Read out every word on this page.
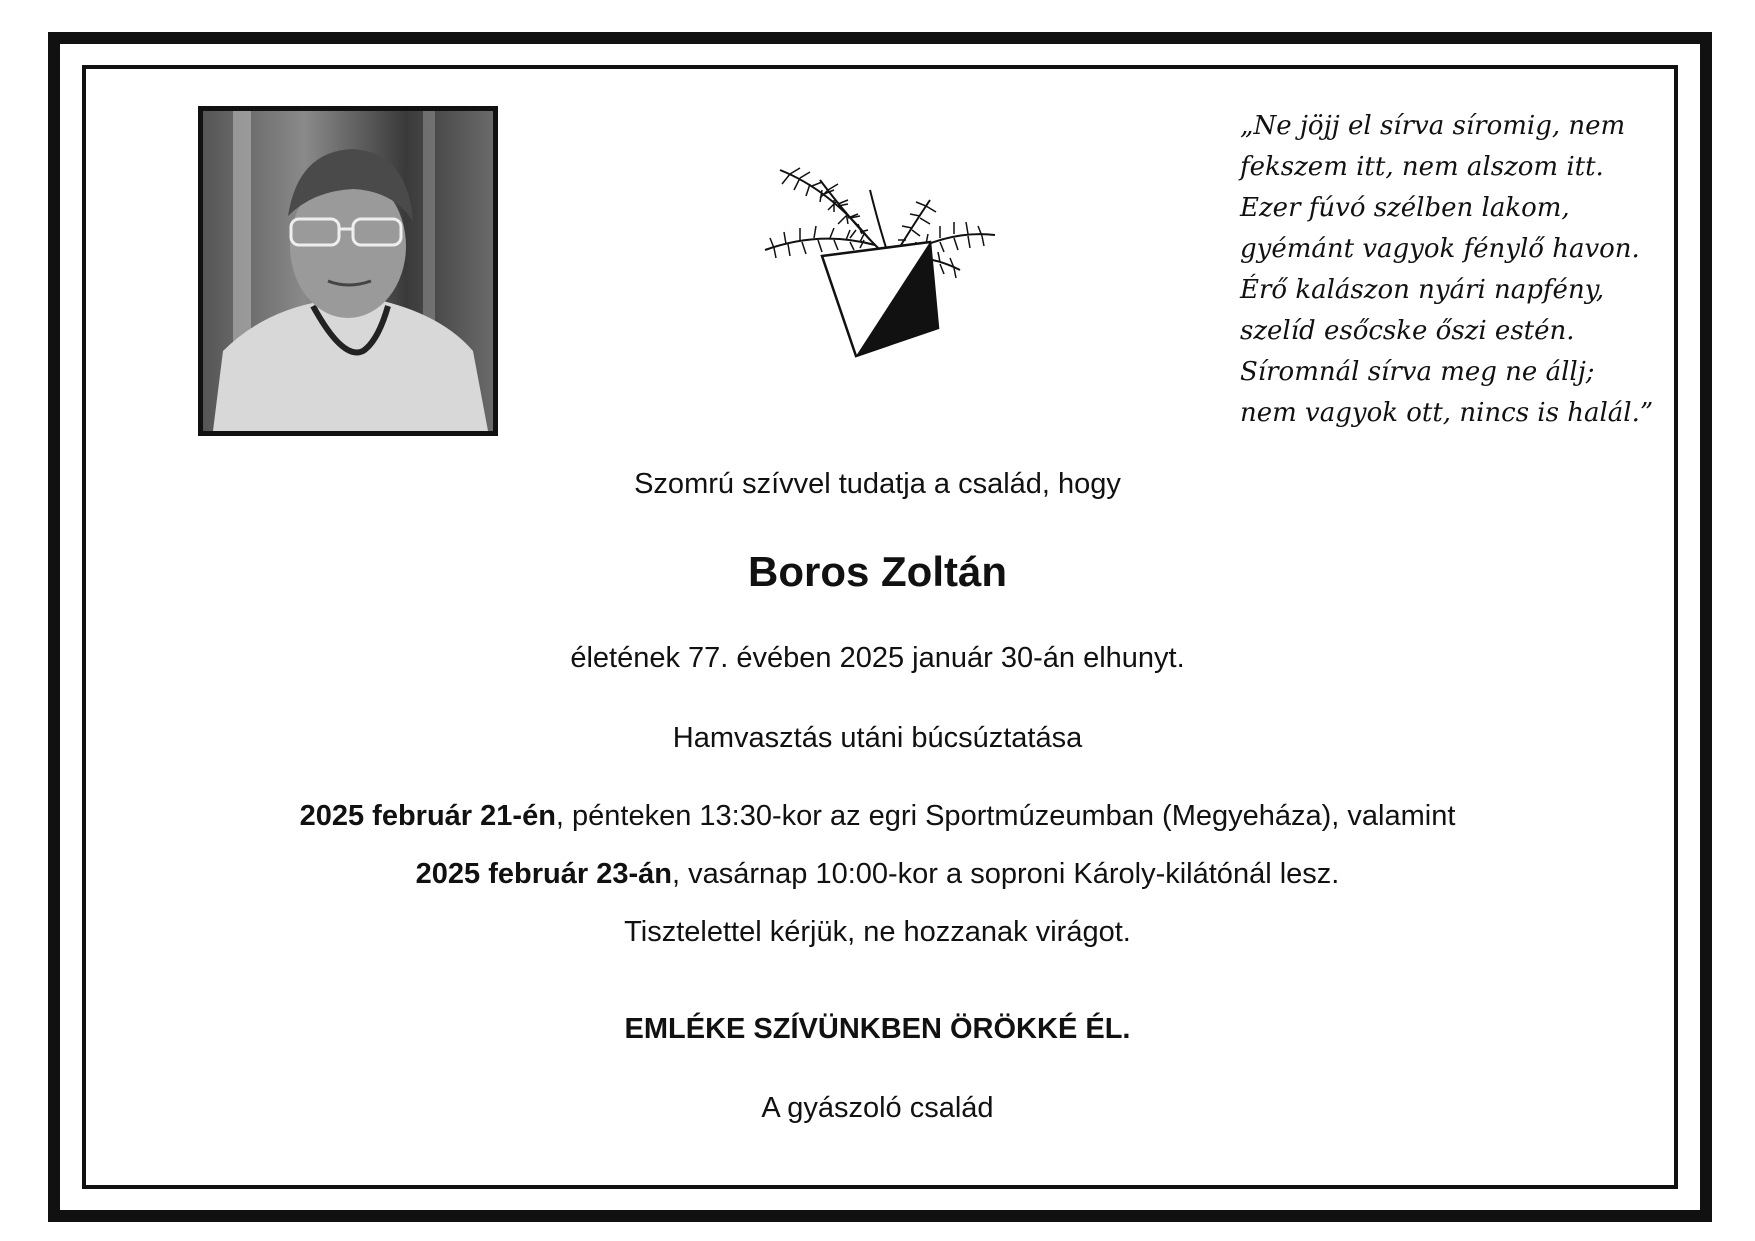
„Ne jöjj el sírva síromig, nem
fekszem itt, nem alszom itt.
Ezer fúvó szélben lakom,
gyémánt vagyok fénylő havon.
Érő kalászon nyári napfény,
szelíd esőcske őszi estén.
Síromnál sírva meg ne állj;
nem vagyok ott, nincs is halál.”
Szomrú szívvel tudatja a család, hogy
Boros Zoltán
életének 77. évében 2025 január 30-án elhunyt.
Hamvasztás utáni búcsúztatása
2025 február 21-én, pénteken 13:30-kor az egri Sportmúzeumban (Megyeháza), valamint
2025 február 23-án, vasárnap 10:00-kor a soproni Károly-kilátónál lesz.
Tisztelettel kérjük, ne hozzanak virágot.
EMLÉKE SZÍVÜNKBEN ÖRÖKKÉ ÉL.
A gyászoló család
